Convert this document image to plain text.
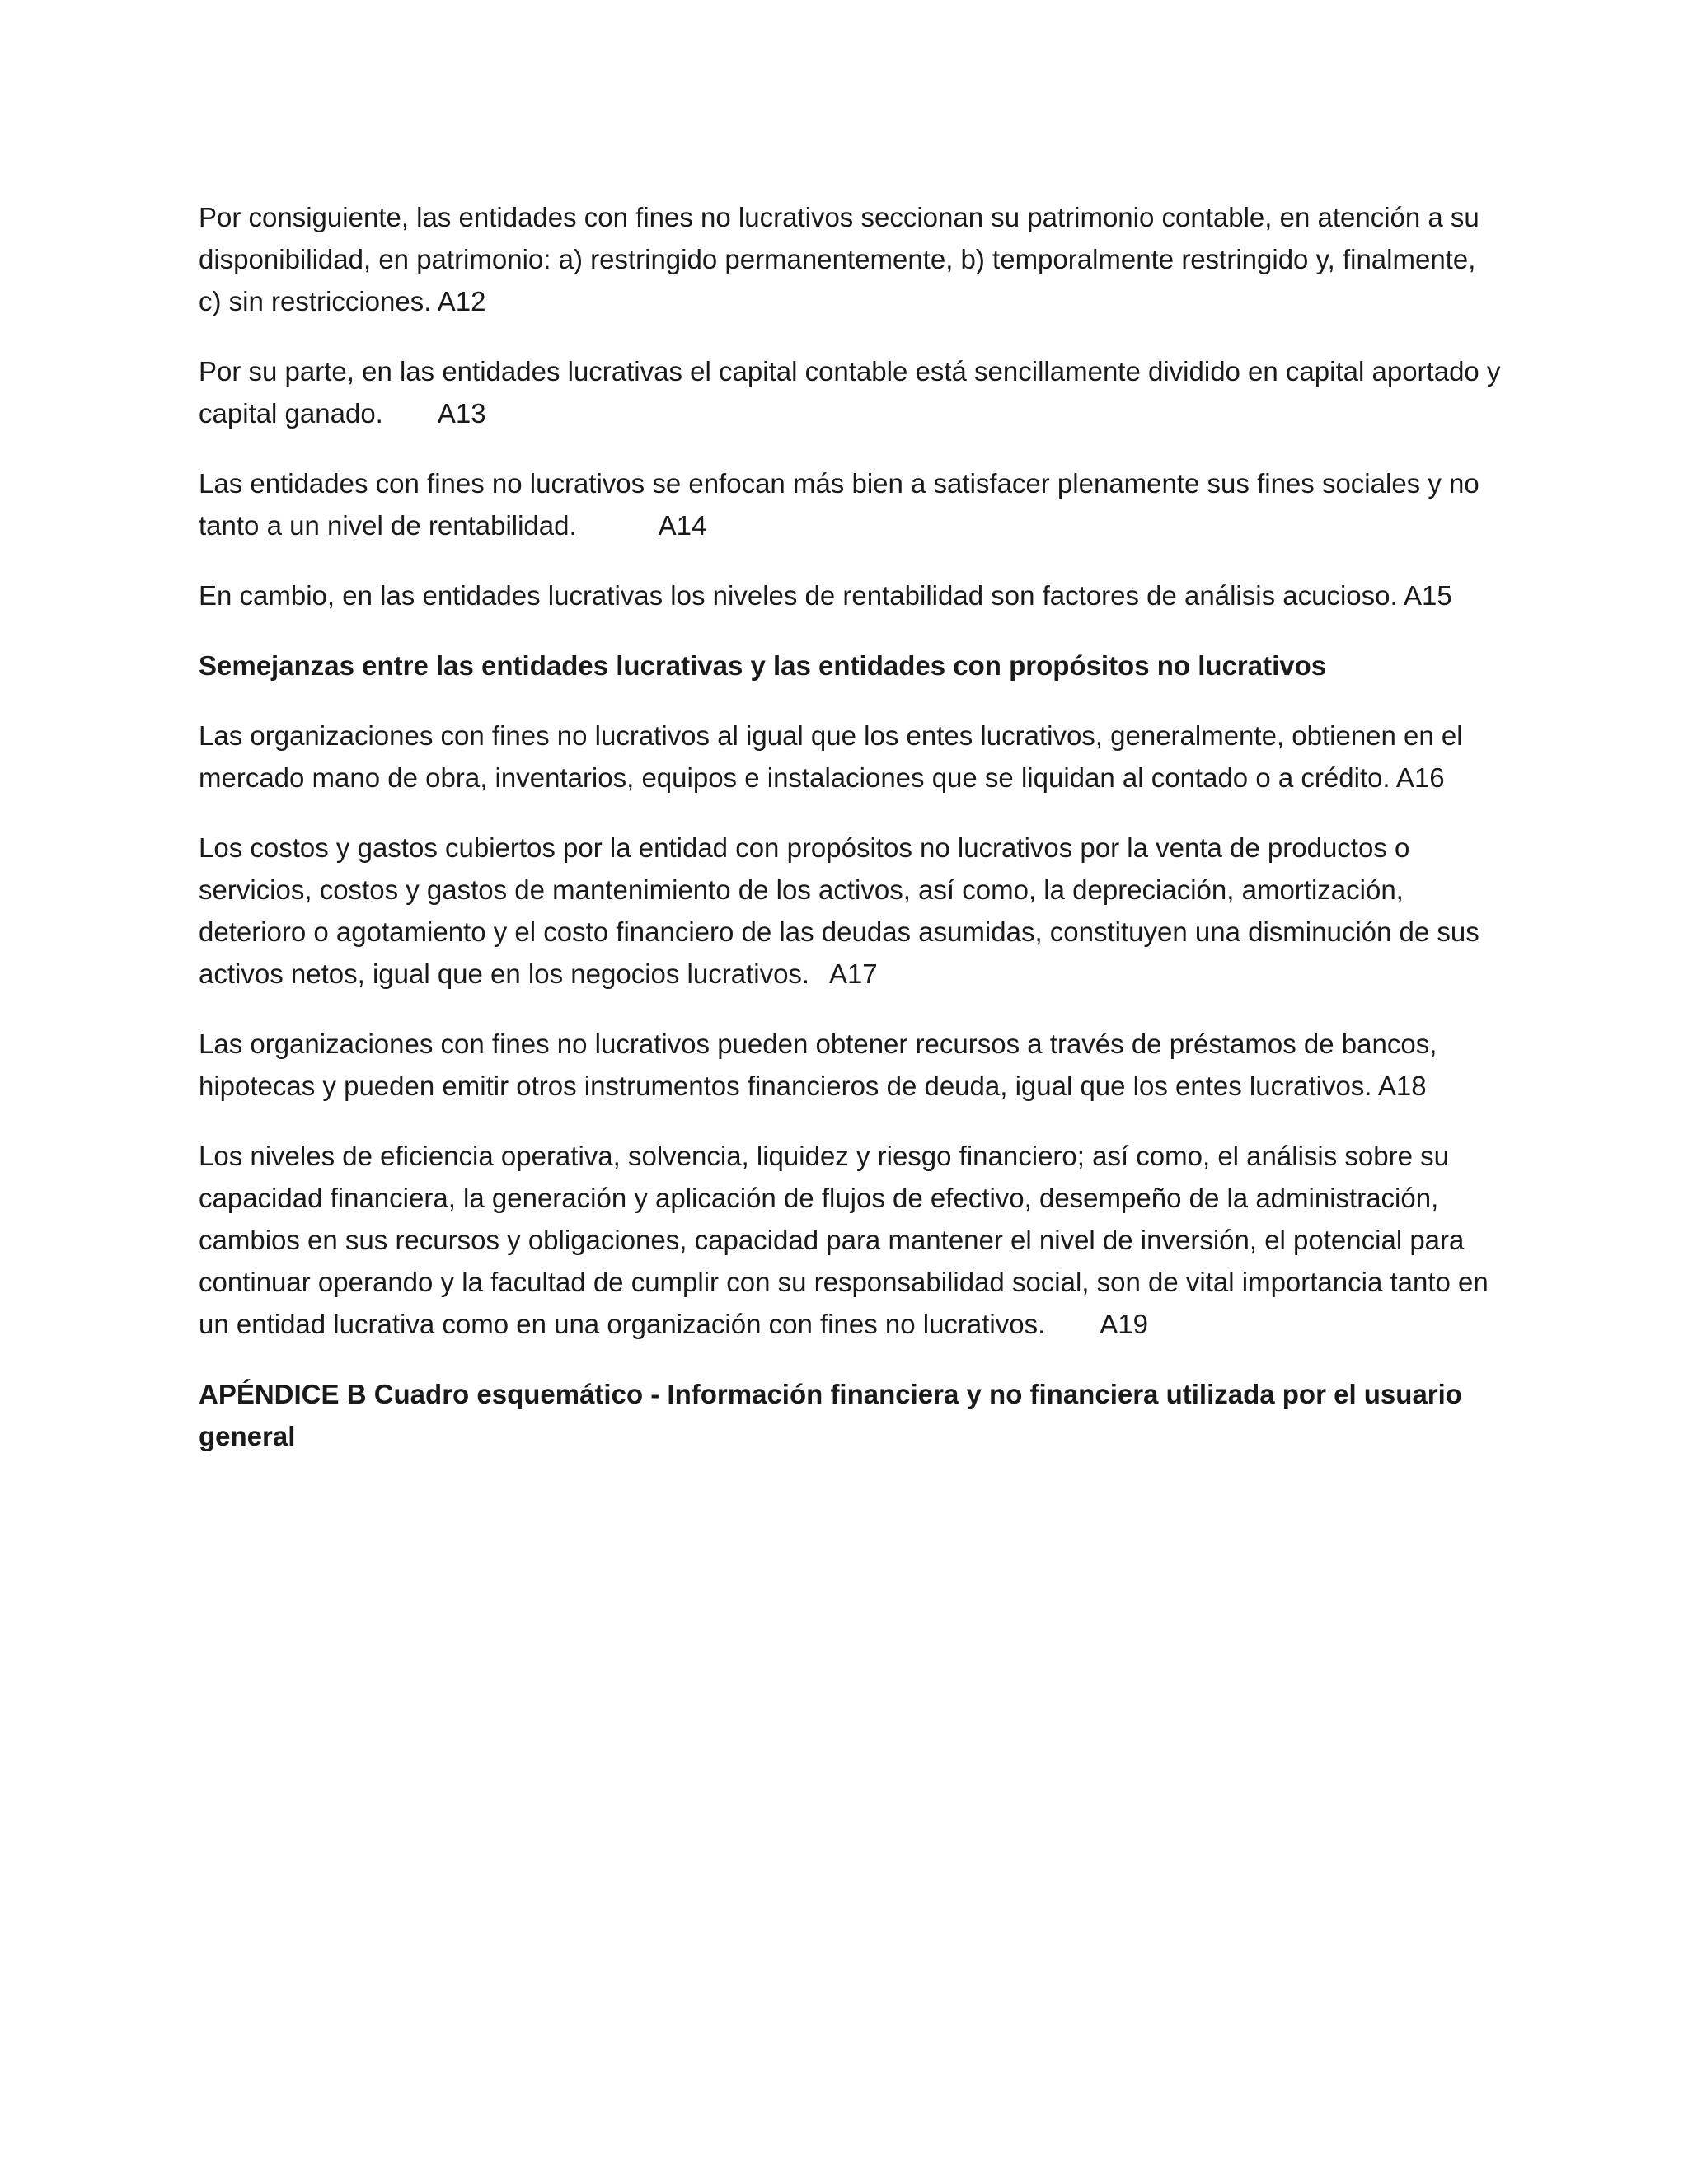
Por consiguiente, las entidades con fines no lucrativos seccionan su patrimonio contable, en atención a su disponibilidad, en patrimonio: a) restringido permanentemente, b) temporalmente restringido y, finalmente, c) sin restricciones. A12

Por su parte, en las entidades lucrativas el capital contable está sencillamente dividido en capital aportado y capital ganado.  A13

Las entidades con fines no lucrativos se enfocan más bien a satisfacer plenamente sus fines sociales y no tanto a un nivel de rentabilidad.   A14

En cambio, en las entidades lucrativas los niveles de rentabilidad son factores de análisis acucioso. A15

Semejanzas entre las entidades lucrativas y las entidades con propósitos no lucrativos

Las organizaciones con fines no lucrativos al igual que los entes lucrativos, generalmente, obtienen en el mercado mano de obra, inventarios, equipos e instalaciones que se liquidan al contado o a crédito. A16

Los costos y gastos cubiertos por la entidad con propósitos no lucrativos por la venta de productos o servicios, costos y gastos de mantenimiento de los activos, así como, la depreciación, amortización, deterioro o agotamiento y el costo financiero de las deudas asumidas, constituyen una disminución de sus activos netos, igual que en los negocios lucrativos.  A17

Las organizaciones con fines no lucrativos pueden obtener recursos a través de préstamos de bancos, hipotecas y pueden emitir otros instrumentos financieros de deuda, igual que los entes lucrativos. A18

Los niveles de eficiencia operativa, solvencia, liquidez y riesgo financiero; así como, el análisis sobre su capacidad financiera, la generación y aplicación de flujos de efectivo, desempeño de la administración, cambios en sus recursos y obligaciones, capacidad para mantener el nivel de inversión, el potencial para continuar operando y la facultad de cumplir con su responsabilidad social, son de vital importancia tanto en un entidad lucrativa como en una organización con fines no lucrativos.  A19

APÉNDICE B Cuadro esquemático - Información financiera y no financiera utilizada por el usuario general
